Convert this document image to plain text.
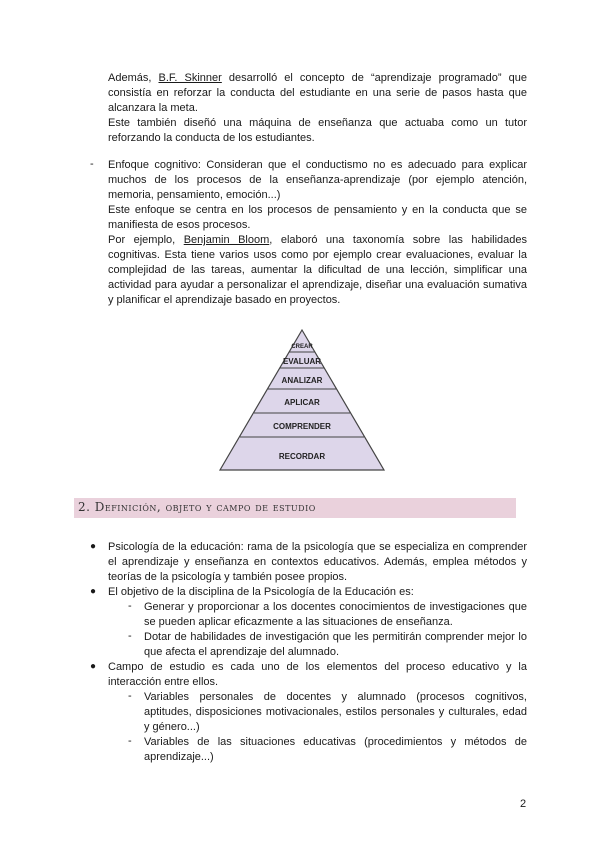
Además, B.F. Skinner desarrolló el concepto de “aprendizaje programado” que
consistía en reforzar la conducta del estudiante en una serie de pasos hasta que
alcanzara la meta.
Este también diseñó una máquina de enseñanza que actuaba como un tutor
reforzando la conducta de los estudiantes.
- Enfoque cognitivo: Consideran que el conductismo no es adecuado para explicar
muchos de los procesos de la enseñanza-aprendizaje (por ejemplo atención,
memoria, pensamiento, emoción...)
Este enfoque se centra en los procesos de pensamiento y en la conducta que se
manifiesta de esos procesos.
Por ejemplo, Benjamin Bloom, elaboró una taxonomía sobre las habilidades
cognitivas. Esta tiene varios usos como por ejemplo crear evaluaciones, evaluar la
complejidad de las tareas, aumentar la dificultad de una lección, simplificar una
actividad para ayudar a personalizar el aprendizaje, diseñar una evaluación sumativa
y planificar el aprendizaje basado en proyectos.
CREAR
EVALUAR
ANALIZAR
APLICAR
COMPRENDER
RECORDAR
2. Definición, objeto y campo de estudio
● Psicología de la educación: rama de la psicología que se especializa en comprender
el aprendizaje y enseñanza en contextos educativos. Además, emplea métodos y
teorías de la psicología y también posee propios.
● El objetivo de la disciplina de la Psicología de la Educación es:
- Generar y proporcionar a los docentes conocimientos de investigaciones que
se pueden aplicar eficazmente a las situaciones de enseñanza.
- Dotar de habilidades de investigación que les permitirán comprender mejor lo
que afecta el aprendizaje del alumnado.
● Campo de estudio es cada uno de los elementos del proceso educativo y la
interacción entre ellos.
- Variables personales de docentes y alumnado (procesos cognitivos,
aptitudes, disposiciones motivacionales, estilos personales y culturales, edad
y género...)
- Variables de las situaciones educativas (procedimientos y métodos de
aprendizaje...)
2
